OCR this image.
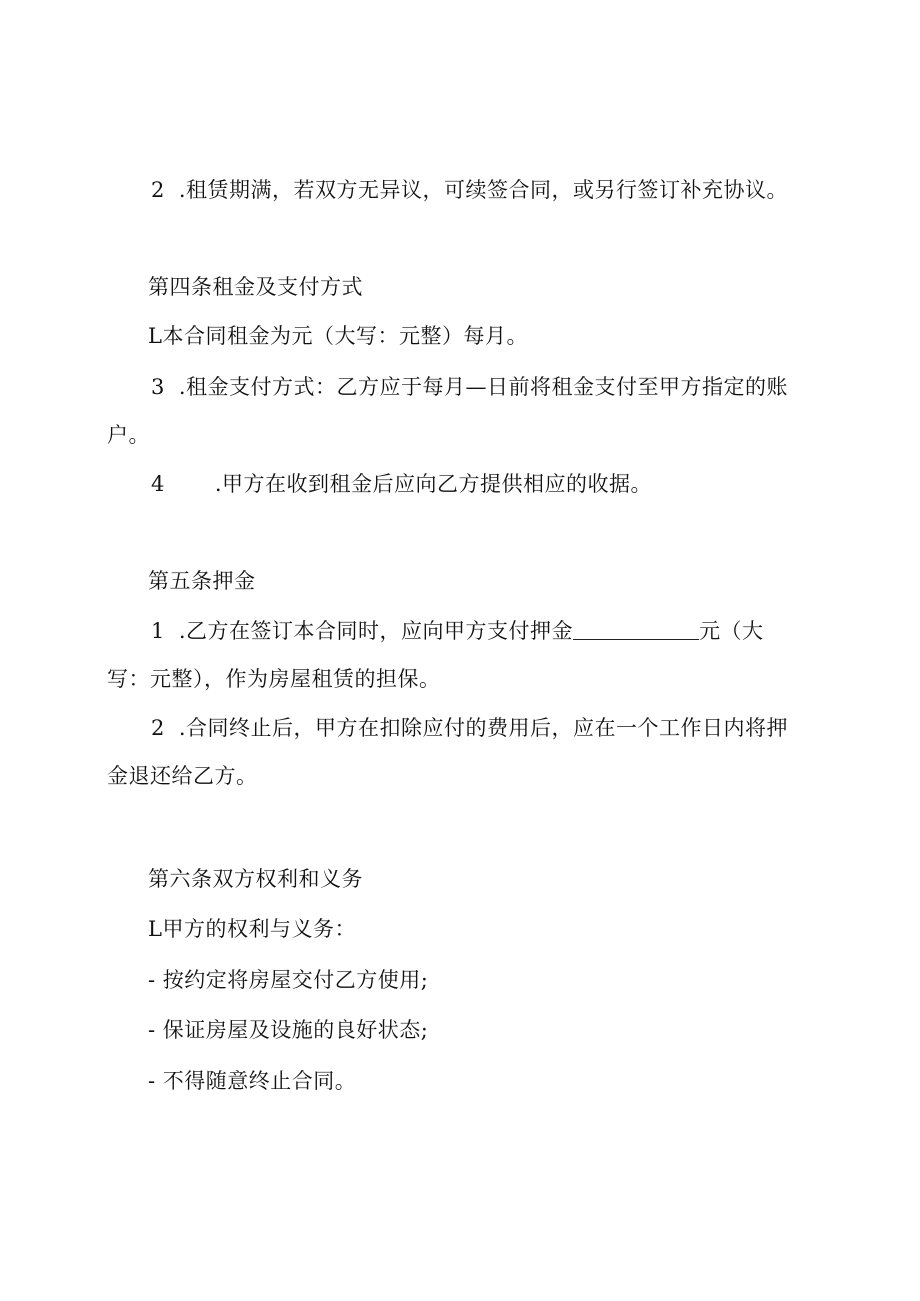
2 .租赁期满，若双方无异议，可续签合同，或另行签订补充协议。
第四条租金及支付方式
L本合同租金为元（大写：元整）每月。
3 .租金支付方式：乙方应于每月—日前将租金支付至甲方指定的账
户。
4 .甲方在收到租金后应向乙方提供相应的收据。
第五条押金
1 .乙方在签订本合同时，应向甲方支付押金	元（大
写：元整），作为房屋租赁的担保。
2 .合同终止后，甲方在扣除应付的费用后，应在一个工作日内将押
金退还给乙方。
第六条双方权利和义务
L甲方的权利与义务：
- 按约定将房屋交付乙方使用;
- 保证房屋及设施的良好状态;
- 不得随意终止合同。
